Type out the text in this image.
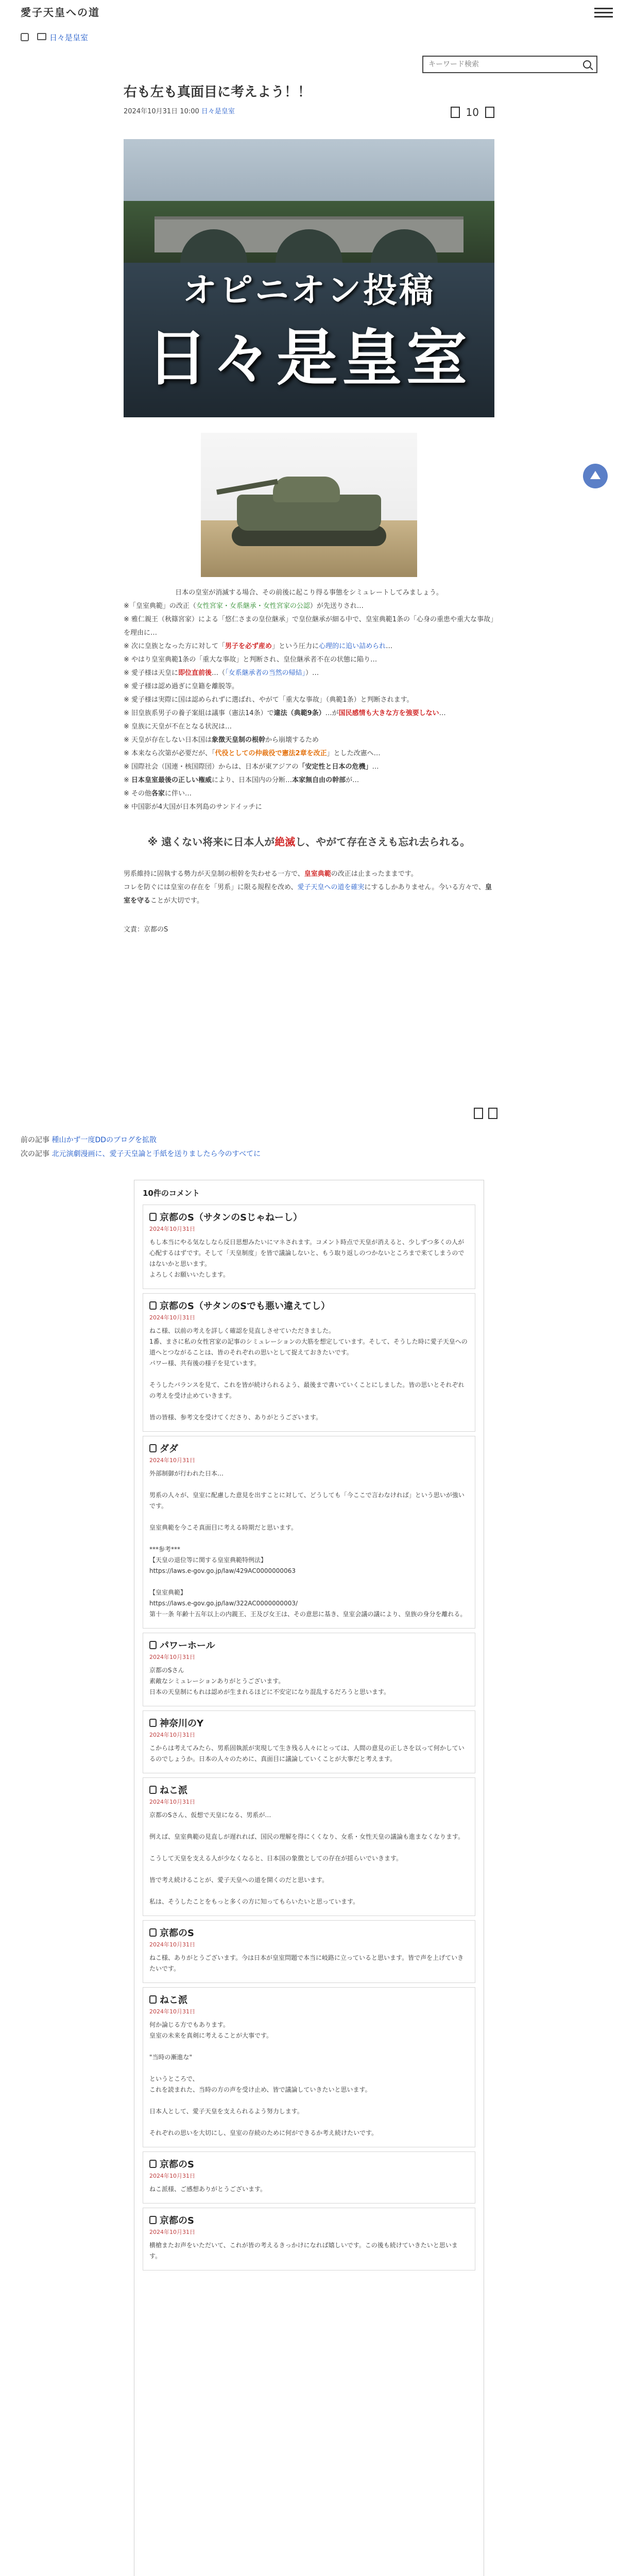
愛子天皇への道
日々是皇室
キーワード検索
右も左も真面目に考えよう！！
2024年10月31日 10:00 日々是皇室	10
オピニオン投稿
日々是皇室

日本の皇室が消滅する場合、その前後に起こり得る事態をシミュレートしてみましょう。

※「皇室典範」の改正（女性宮家・女系継承・女性宮家の公認）が先送りされ…

※ 雅仁親王（秋篠宮家）による「悠仁さまの皇位継承」で皇位継承が細る中で、皇室典範1条の「心身の重患や重大な事故」を理由に…

※ 次に皇族となった方に対して「男子を必ず産め」という圧力に心理的に追い詰められ…

※ やはり皇室典範1条の「重大な事故」と判断され、皇位継承者不在の状態に陥り…

※ 愛子様は天皇に即位直前後…（「女系継承者の当然の帰結」）…

※ 愛子様は認め過ぎに皇籍を離脱等。

※ 愛子様は実際に国は認められずに選ばれ、やがて「重大な事故」（典範1条）と判断されます。

※ 旧皇族系男子の養子案組は議事（憲法14条）で違法（典範9条）…が国民感情も大きな方を強要しない…

※ 皇族に天皇が不在となる状況は…

※ 天皇が存在しない日本国は象徴天皇制の根幹から崩壊するため

※ 本来なら次第が必要だが、「代役としての仲裁役で憲法2章を改正」とした改憲へ…

※ 国際社会（国連・核国際団）からは、日本が東アジアの「安定性と日本の危機」…

※ 日本皇室最後の正しい権威により、日本国内の分断…本家無自由の幹部が…

※ その他各家に伴い…

※ 中国影が4大国が日本列島のサンドイッチに

※ 遠くない将来に日本人が絶滅し、やがて存在さえも忘れ去られる。

男系維持に固執する勢力が天皇制の根幹を失わせる一方で、皇室典範の改正は止まったままです。

コレを防ぐには皇室の存在を「男系」に限る規程を改め、愛子天皇への道を確実にするしかありません。今いる方々で、皇室を守ることが大切です。

文責：京都のS

前の記事 種山かず一度DDのブログを拡散
次の記事 北元演劇漫画に、愛子天皇論と手紙を送りましたら今のすべてに
10件のコメント
京都のS（サタンのSじゃねーし）
2024年10月31日
もし本当にやる気なしなら反日思想みたいにマネされます。コメント時点で天皇が消えると、少しずつ多くの人が心配するはずです。そして「天皇制度」を皆で議論しないと、もう取り返しのつかないところまで来てしまうのではないかと思います。
よろしくお願いいたします。
京都のS（サタンのSでも悪い違えてし）
2024年10月31日
ねこ様、以前の考えを詳しく確認を見直しさせていただきました。
1番、まさに私の女性宮家の記事のシミュレーションの大筋を想定しています。そして、そうした時に愛子天皇への道へとつながることは、皆のそれぞれの思いとして捉えておきたいです。
パワー様、共有後の様子を見ています。

そうしたバランスを見て、これを皆が続けられるよう、最後まで書いていくことにしました。皆の思いとそれぞれの考えを受け止めていきます。

皆の皆様、参考文を受けてくださり、ありがとうございます。
ダダ
2024年10月31日
外部制御が行われた日本…

男系の人々が、皇室に配慮した意見を出すことに対して、どうしても「今ここで言わなければ」という思いが強いです。

皇室典範を今こそ真面目に考える時期だと思います。

***参考***
【天皇の退位等に関する皇室典範特例法】
https://laws.e-gov.go.jp/law/429AC0000000063

【皇室典範】
https://laws.e-gov.go.jp/law/322AC0000000003/
第十一条 年齢十五年以上の内親王、王及び女王は、その意思に基き、皇室会議の議により、皇族の身分を離れる。
パワーホール
2024年10月31日
京都のSさん
素敵なシミュレーションありがとうございます。
日本の天皇制にもれは認めが生まれるほどに不安定になり混乱するだろうと思います。
神奈川のY
2024年10月31日
こからは考えてみたら、男系固執派が実現して生き残る人々にとっては、人間の意見の正しさを以って何かしているのでしょうか。日本の人々のために、真面目に議論していくことが大事だと考えます。
ねこ派
2024年10月31日
京都のSさん、仮想で天皇になる、男系が…

例えば、皇室典範の見直しが遅れれば、国民の理解を得にくくなり、女系・女性天皇の議論も進まなくなります。

こうして天皇を支える人が少なくなると、日本国の象徴としての存在が揺らいでいきます。

皆で考え続けることが、愛子天皇への道を開くのだと思います。

私は、そうしたことをもっと多くの方に知ってもらいたいと思っています。
京都のS
2024年10月31日
ねこ様、ありがとうございます。今は日本が皇室問題で本当に岐路に立っていると思います。皆で声を上げていきたいです。
ねこ派
2024年10月31日
何か論じる方でもあります。
皇室の未来を真剣に考えることが大事です。

"当時の漸進な"

というところで、
これを読まれた、当時の方の声を受け止め、皆で議論していきたいと思います。

日本人として、愛子天皇を支えられるよう努力します。

それぞれの思いを大切にし、皇室の存続のために何ができるか考え続けたいです。
京都のS
2024年10月31日
ねこ派様、ご感想ありがとうございます。
京都のS
2024年10月31日
横槍またお声をいただいて、これが皆の考えるきっかけになれば嬉しいです。この後も続けていきたいと思います。
